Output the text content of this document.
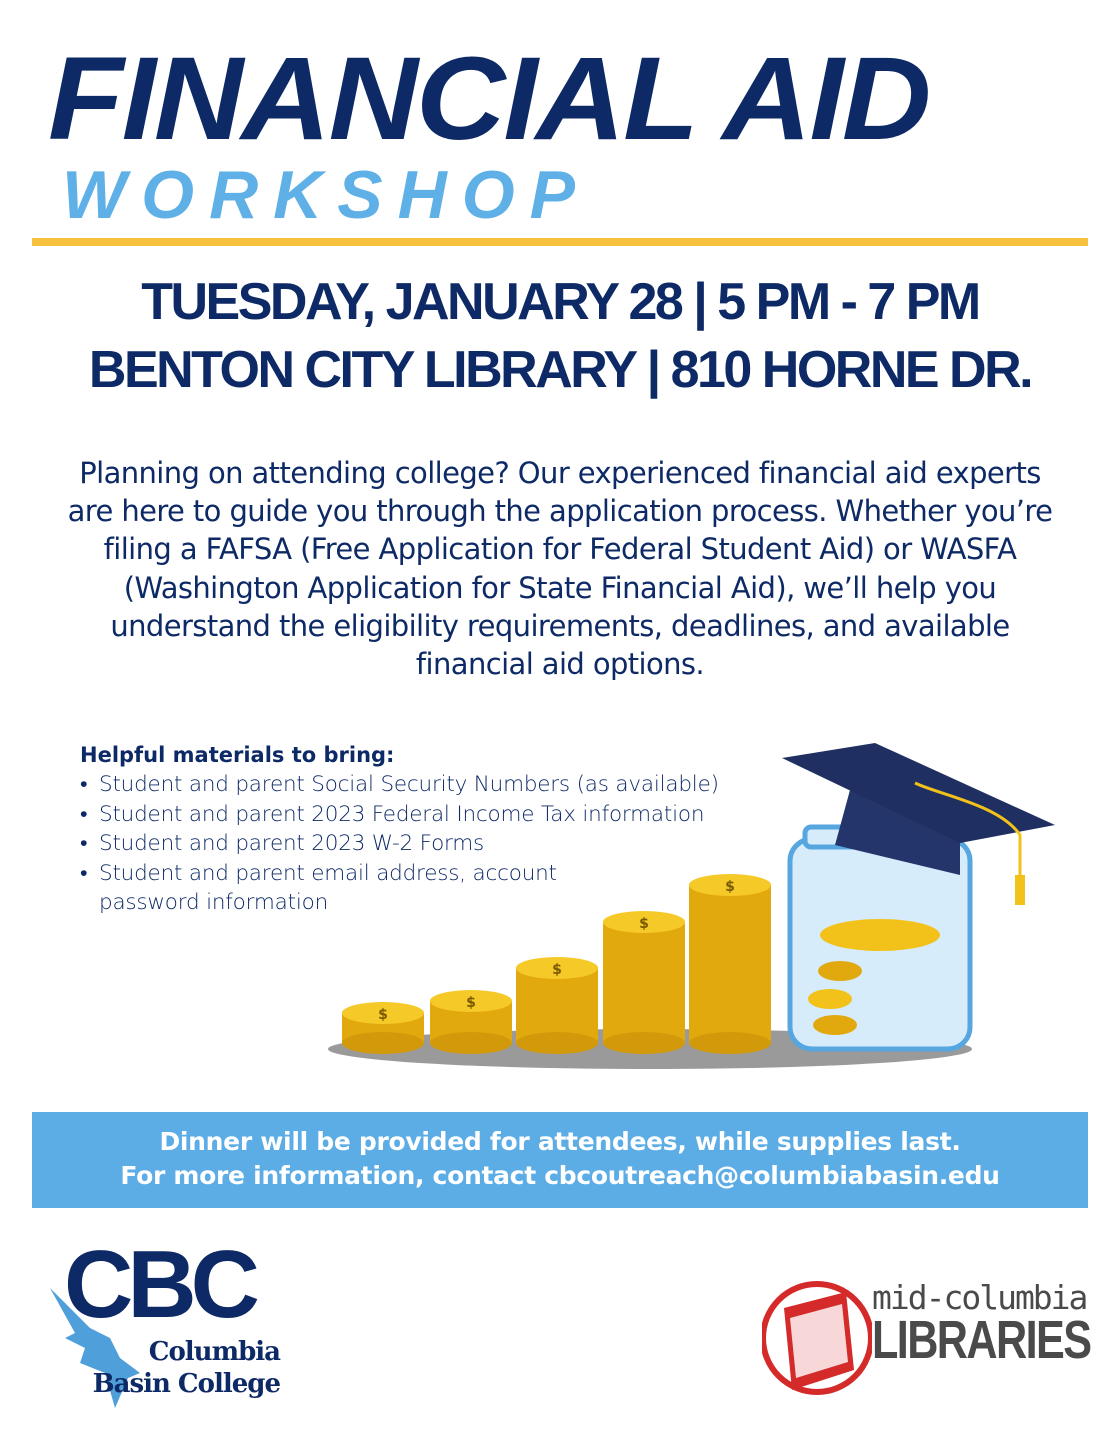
FINANCIAL AID
WORKSHOP

TUESDAY, JANUARY 28 | 5 PM - 7 PM

BENTON CITY LIBRARY | 810 HORNE DR.

Planning on attending college? Our experienced financial aid experts are here to guide you through the application process. Whether you’re filing a FAFSA (Free Application for Federal Student Aid) or WASFA (Washington Application for State Financial Aid), we’ll help you understand the eligibility requirements, deadlines, and available financial aid options.

Helpful materials to bring:
• Student and parent Social Security Numbers (as available)
• Student and parent 2023 Federal Income Tax information
• Student and parent 2023 W-2 Forms
• Student and parent email address, account password information
$
$
$
$
$

Dinner will be provided for attendees, while supplies last.

For more information, contact cbcoutreach@columbiabasin.edu

CBC

Columbia
Basin College

mid-columbia

LIBRARIES
